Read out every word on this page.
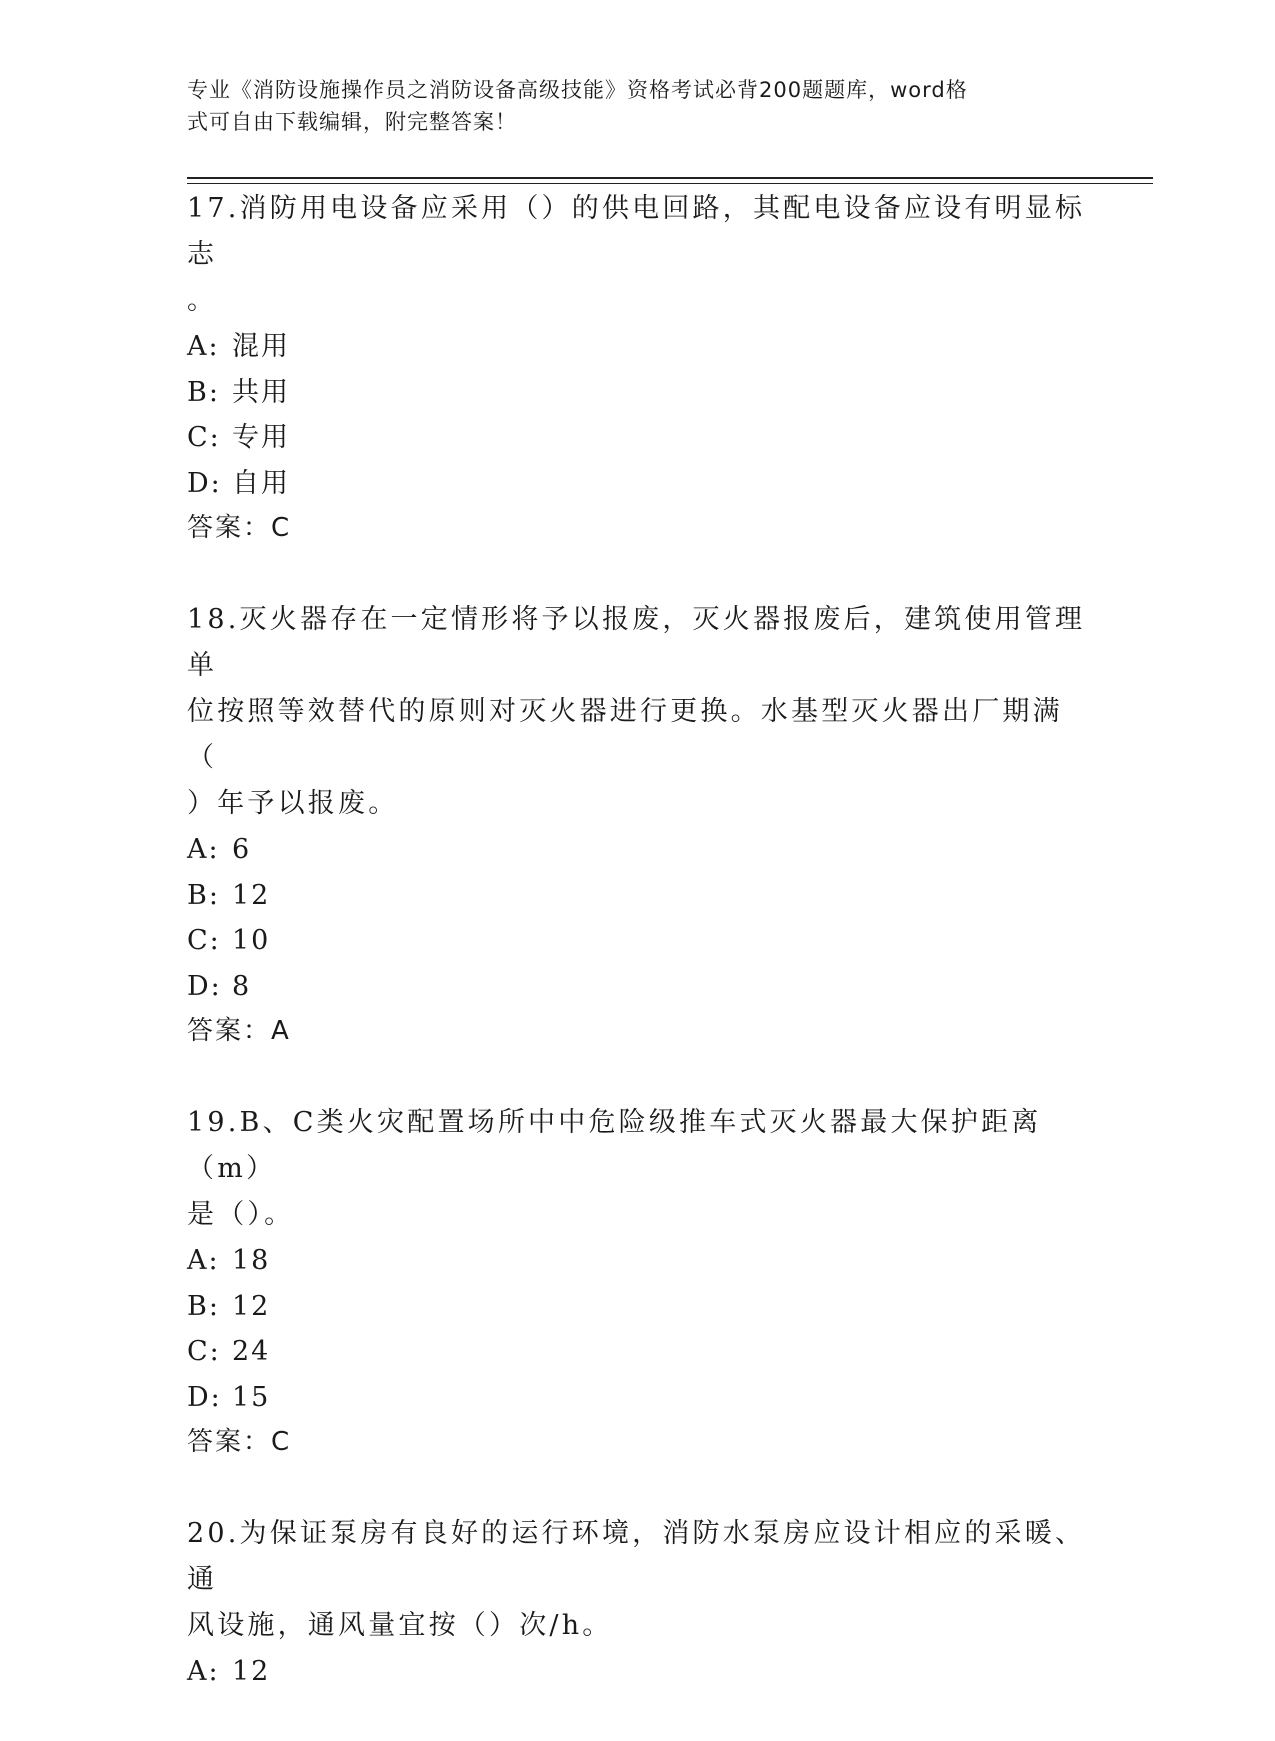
专业《消防设施操作员之消防设备高级技能》资格考试必背200题题库，word格
式可自由下载编辑，附完整答案！

17.消防用电设备应采用（）的供电回路，其配电设备应设有明显标志

。

A: 混用

B: 共用

C: 专用

D: 自用

答案：C

18.灭火器存在一定情形将予以报废，灭火器报废后，建筑使用管理单

位按照等效替代的原则对灭火器进行更换。水基型灭火器出厂期满（

）年予以报废。

A: 6

B: 12

C: 10

D: 8

答案：A

19.B、C类火灾配置场所中中危险级推车式灭火器最大保护距离（m）

是（）。

A: 18

B: 12

C: 24

D: 15

答案：C

20.为保证泵房有良好的运行环境，消防水泵房应设计相应的采暖、通

风设施，通风量宜按（）次/h。

A: 12
